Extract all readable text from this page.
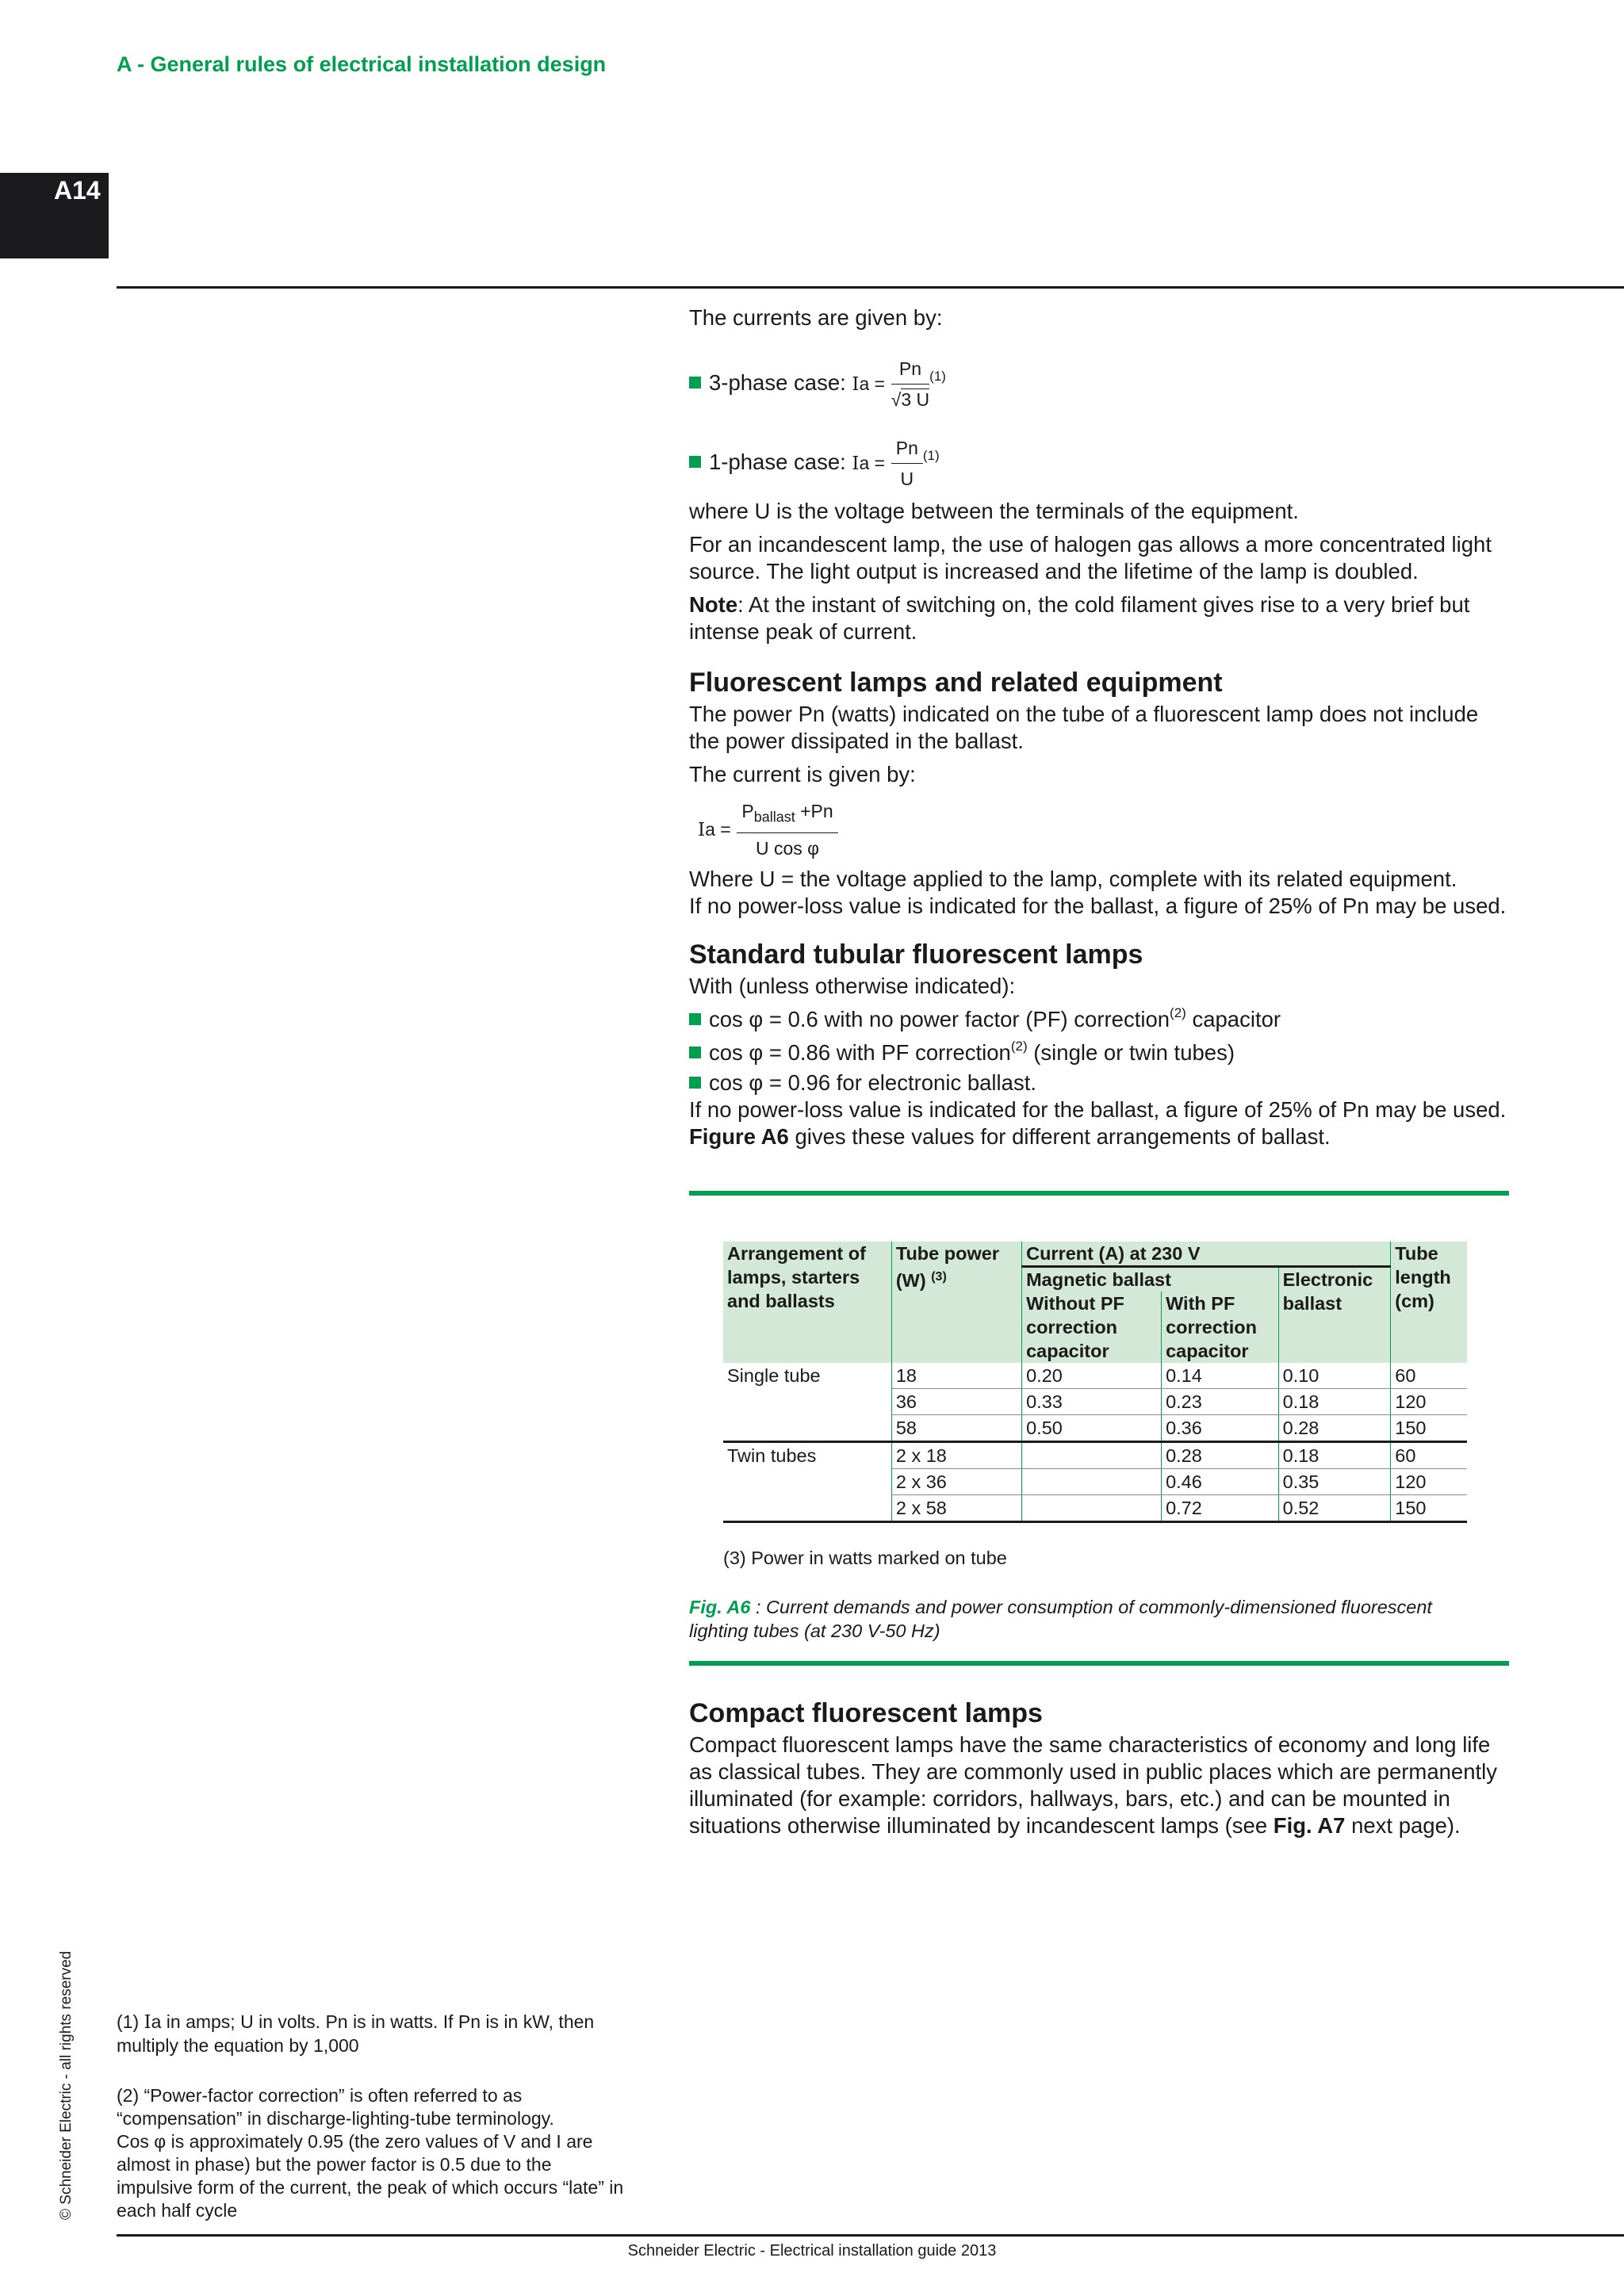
A - General rules of electrical installation design
A14

The currents are given by:

3-phase case: $Ia = \frac{Pn}{√3 U} ^{(1)}$
1-phase case: $Ia = \frac{Pn}{U} ^{(1)}$

where U is the voltage between the terminals of the equipment.

For an incandescent lamp, the use of halogen gas allows a more concentrated light source. The light output is increased and the lifetime of the lamp is doubled.

Note: At the instant of switching on, the cold filament gives rise to a very brief but intense peak of current.

Fluorescent lamps and related equipment

The power Pn (watts) indicated on the tube of a fluorescent lamp does not include the power dissipated in the ballast.

The current is given by:

$Ia = \frac{P_{ballast} +Pn}{\text{U cos φ}}$

Where U = the voltage applied to the lamp, complete with its related equipment.

If no power-loss value is indicated for the ballast, a figure of 25% of Pn may be used.

Standard tubular fluorescent lamps

With (unless otherwise indicated):

cos φ = 0.6 with no power factor (PF) correction$^{(2)}$ capacitor

cos φ = 0.86 with PF correction$^{(2)}$ (single or twin tubes)

cos φ = 0.96 for electronic ballast.

If no power-loss value is indicated for the ballast, a figure of 25% of Pn may be used.

Figure A6 gives these values for different arrangements of ballast.

Arrangement of lamps, starters and ballasts	Tube power (W) $^{(3)}$	Current (A) at 230 V			Tube length (cm)
		Magnetic ballast		Electronic ballast	
		Without PF correction capacitor	With PF correction capacitor		
Single tube	18	0.20	0.14	0.10	60
	36	0.33	0.23	0.18	120
	58	0.50	0.36	0.28	150
Twin tubes	2 x 18		0.28	0.18	60
	2 x 36		0.46	0.35	120
	2 x 58		0.72	0.52	150
(3) Power in watts marked on tube
Fig. A6 : Current demands and power consumption of commonly-dimensioned fluorescent lighting tubes (at 230 V-50 Hz)
Compact fluorescent lamps

Compact fluorescent lamps have the same characteristics of economy and long life as classical tubes. They are commonly used in public places which are permanently illuminated (for example: corridors, hallways, bars, etc.) and can be mounted in situations otherwise illuminated by incandescent lamps (see Fig. A7 next page).

(1) Ia in amps; U in volts. Pn is in watts. If Pn is in kW, then multiply the equation by 1,000

(2) “Power-factor correction” is often referred to as “compensation” in discharge-lighting-tube terminology.

Cos φ is approximately 0.95 (the zero values of V and I are almost in phase) but the power factor is 0.5 due to the impulsive form of the current, the peak of which occurs “late” in each half cycle

© Schneider Electric - all rights reserved
Schneider Electric - Electrical installation guide 2013
